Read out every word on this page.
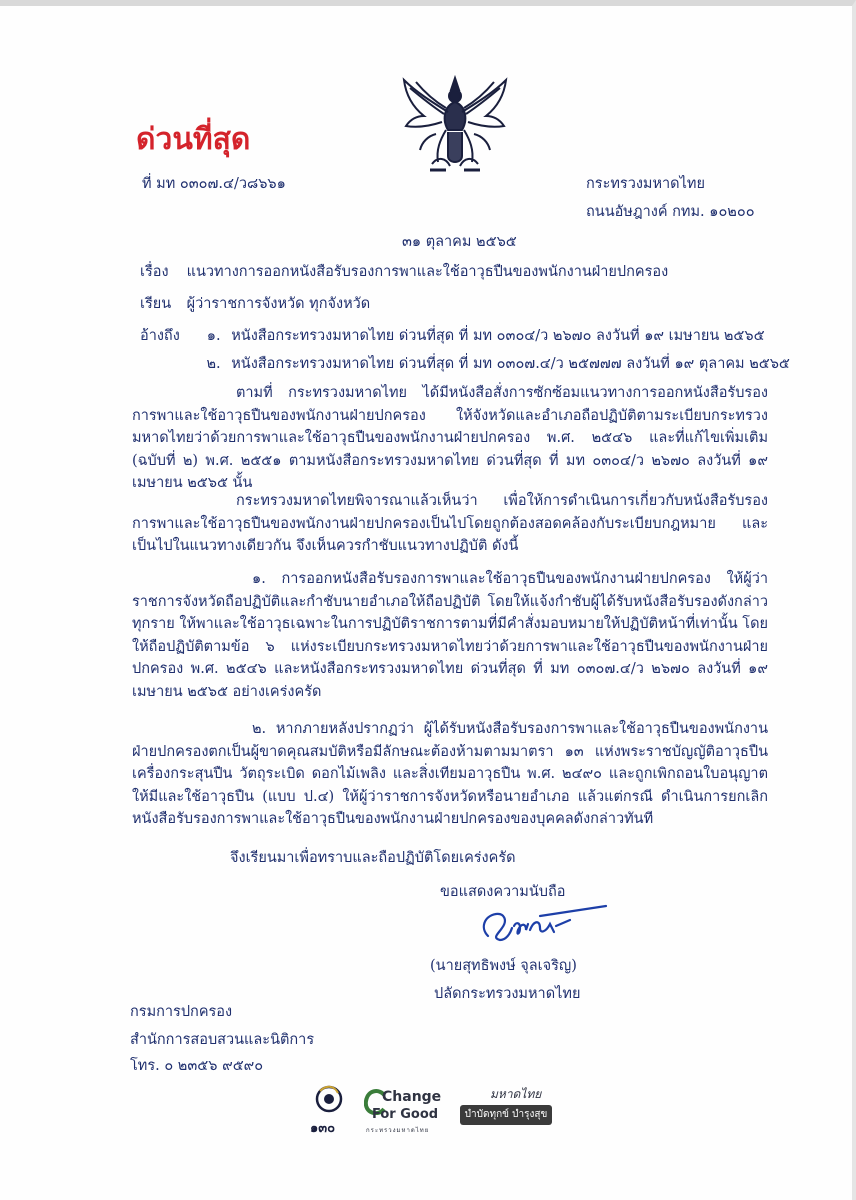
ด่วนที่สุด
ที่ มท ๐๓๐๗.๔/ว๘๖๖๑	กระทรวงมหาดไทย
ถนนอัษฎางค์ กทม. ๑๐๒๐๐
๓๑ ตุลาคม ๒๕๖๕
เรื่อง แนวทางการออกหนังสือรับรองการพาและใช้อาวุธปืนของพนักงานฝ่ายปกครอง
เรียน ผู้ว่าราชการจังหวัด ทุกจังหวัด
อ้างถึง ๑. หนังสือกระทรวงมหาดไทย ด่วนที่สุด ที่ มท ๐๓๐๔/ว ๒๖๗๐ ลงวันที่ ๑๙ เมษายน ๒๕๖๕
๒. หนังสือกระทรวงมหาดไทย ด่วนที่สุด ที่ มท ๐๓๐๗.๔/ว ๒๕๗๗๗ ลงวันที่ ๑๙ ตุลาคม ๒๕๖๕
ตามที่ กระทรวงมหาดไทย ได้มีหนังสือสั่งการซักซ้อมแนวทางการออกหนังสือรับรองการพาและใช้อาวุธปืนของพนักงานฝ่ายปกครอง ให้จังหวัดและอำเภอถือปฏิบัติตามระเบียบกระทรวงมหาดไทยว่าด้วยการพาและใช้อาวุธปืนของพนักงานฝ่ายปกครอง พ.ศ. ๒๕๔๖ และที่แก้ไขเพิ่มเติม (ฉบับที่ ๒) พ.ศ. ๒๕๕๑ ตามหนังสือกระทรวงมหาดไทย ด่วนที่สุด ที่ มท ๐๓๐๔/ว ๒๖๗๐ ลงวันที่ ๑๙ เมษายน ๒๕๖๕ นั้น
กระทรวงมหาดไทยพิจารณาแล้วเห็นว่า เพื่อให้การดำเนินการเกี่ยวกับหนังสือรับรองการพาและใช้อาวุธปืนของพนักงานฝ่ายปกครองเป็นไปโดยถูกต้องสอดคล้องกับระเบียบกฎหมาย และเป็นไปในแนวทางเดียวกัน จึงเห็นควรกำชับแนวทางปฏิบัติ ดังนี้
๑. การออกหนังสือรับรองการพาและใช้อาวุธปืนของพนักงานฝ่ายปกครอง ให้ผู้ว่าราชการจังหวัดถือปฏิบัติและกำชับนายอำเภอให้ถือปฏิบัติ โดยให้แจ้งกำชับผู้ได้รับหนังสือรับรองดังกล่าวทุกราย ให้พาและใช้อาวุธเฉพาะในการปฏิบัติราชการตามที่มีคำสั่งมอบหมายให้ปฏิบัติหน้าที่เท่านั้น โดยให้ถือปฏิบัติตามข้อ ๖ แห่งระเบียบกระทรวงมหาดไทยว่าด้วยการพาและใช้อาวุธปืนของพนักงานฝ่ายปกครอง พ.ศ. ๒๕๔๖ และหนังสือกระทรวงมหาดไทย ด่วนที่สุด ที่ มท ๐๓๐๗.๔/ว ๒๖๗๐ ลงวันที่ ๑๙ เมษายน ๒๕๖๕ อย่างเคร่งครัด
๒. หากภายหลังปรากฏว่า ผู้ได้รับหนังสือรับรองการพาและใช้อาวุธปืนของพนักงานฝ่ายปกครองตกเป็นผู้ขาดคุณสมบัติหรือมีลักษณะต้องห้ามตามมาตรา ๑๓ แห่งพระราชบัญญัติอาวุธปืน เครื่องกระสุนปืน วัตถุระเบิด ดอกไม้เพลิง และสิ่งเทียมอาวุธปืน พ.ศ. ๒๔๙๐ และถูกเพิกถอนใบอนุญาตให้มีและใช้อาวุธปืน (แบบ ป.๔) ให้ผู้ว่าราชการจังหวัดหรือนายอำเภอ แล้วแต่กรณี ดำเนินการยกเลิกหนังสือรับรองการพาและใช้อาวุธปืนของพนักงานฝ่ายปกครองของบุคคลดังกล่าวทันที
จึงเรียนมาเพื่อทราบและถือปฏิบัติโดยเคร่งครัด
ขอแสดงความนับถือ
(นายสุทธิพงษ์ จุลเจริญ)
ปลัดกระทรวงมหาดไทย
กรมการปกครอง
สำนักการสอบสวนและนิติการ
โทร. ๐ ๒๓๕๖ ๙๕๙๐
๑๓๐
Change
For Good
กระทรวงมหาดไทย
มหาดไทย
บำบัดทุกข์ บำรุงสุข
